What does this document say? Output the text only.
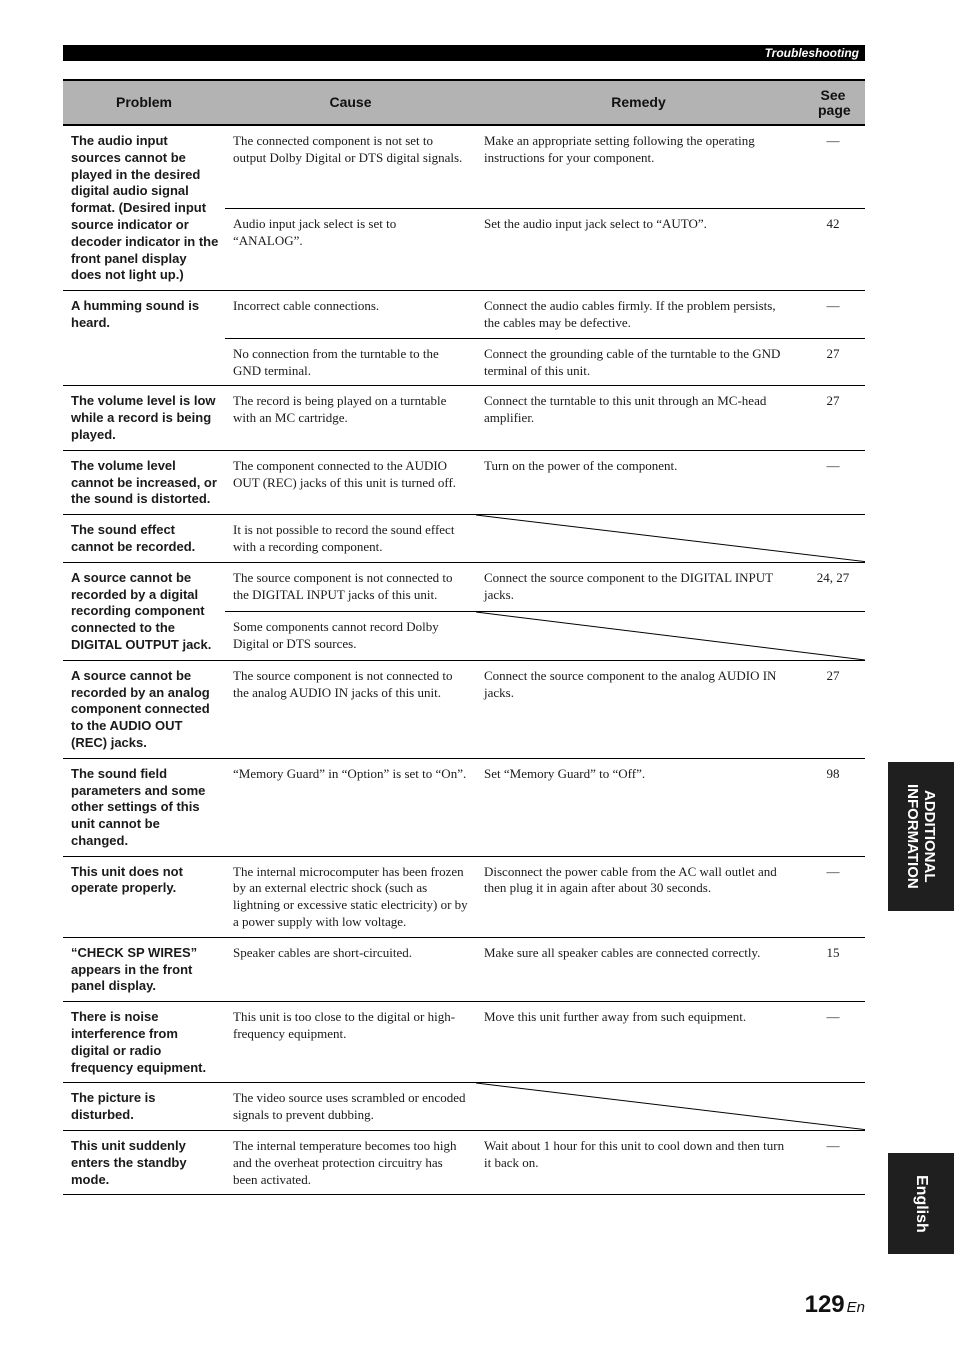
Troubleshooting
Problem	Cause	Remedy	See page
The audio input sources cannot be played in the desired digital audio signal format. (Desired input source indicator or decoder indicator in the front panel display does not light up.)	The connected component is not set to output Dolby Digital or DTS digital signals.	Make an appropriate setting following the operating instructions for your component.	—
	Audio input jack select is set to “ANALOG”.	Set the audio input jack select to “AUTO”.	42
A humming sound is heard.	Incorrect cable connections.	Connect the audio cables firmly. If the problem persists, the cables may be defective.	—
	No connection from the turntable to the GND terminal.	Connect the grounding cable of the turntable to the GND terminal of this unit.	27
The volume level is low while a record is being played.	The record is being played on a turntable with an MC cartridge.	Connect the turntable to this unit through an MC-head amplifier.	27
The volume level cannot be increased, or the sound is distorted.	The component connected to the AUDIO OUT (REC) jacks of this unit is turned off.	Turn on the power of the component.	—
The sound effect cannot be recorded.	It is not possible to record the sound effect with a recording component.	

A source cannot be recorded by a digital recording component connected to the DIGITAL OUTPUT jack.	The source component is not connected to the DIGITAL INPUT jacks of this unit.	Connect the source component to the DIGITAL INPUT jacks.	24, 27
	Some components cannot record Dolby Digital or DTS sources.	

A source cannot be recorded by an analog component connected to the AUDIO OUT (REC) jacks.	The source component is not connected to the analog AUDIO IN jacks of this unit.	Connect the source component to the analog AUDIO IN jacks.	27
The sound field parameters and some other settings of this unit cannot be changed.	“Memory Guard” in “Option” is set to “On”.	Set “Memory Guard” to “Off”.	98
This unit does not operate properly.	The internal microcomputer has been frozen by an external electric shock (such as lightning or excessive static electricity) or by a power supply with low voltage.	Disconnect the power cable from the AC wall outlet and then plug it in again after about 30 seconds.	—
“CHECK SP WIRES” appears in the front panel display.	Speaker cables are short-circuited.	Make sure all speaker cables are connected correctly.	15
There is noise interference from digital or radio frequency equipment.	This unit is too close to the digital or high-frequency equipment.	Move this unit further away from such equipment.	—
The picture is disturbed.	The video source uses scrambled or encoded signals to prevent dubbing.	

This unit suddenly enters the standby mode.	The internal temperature becomes too high and the overheat protection circuitry has been activated.	Wait about 1 hour for this unit to cool down and then turn it back on.	—
ADDITIONAL INFORMATION
English
129 En
